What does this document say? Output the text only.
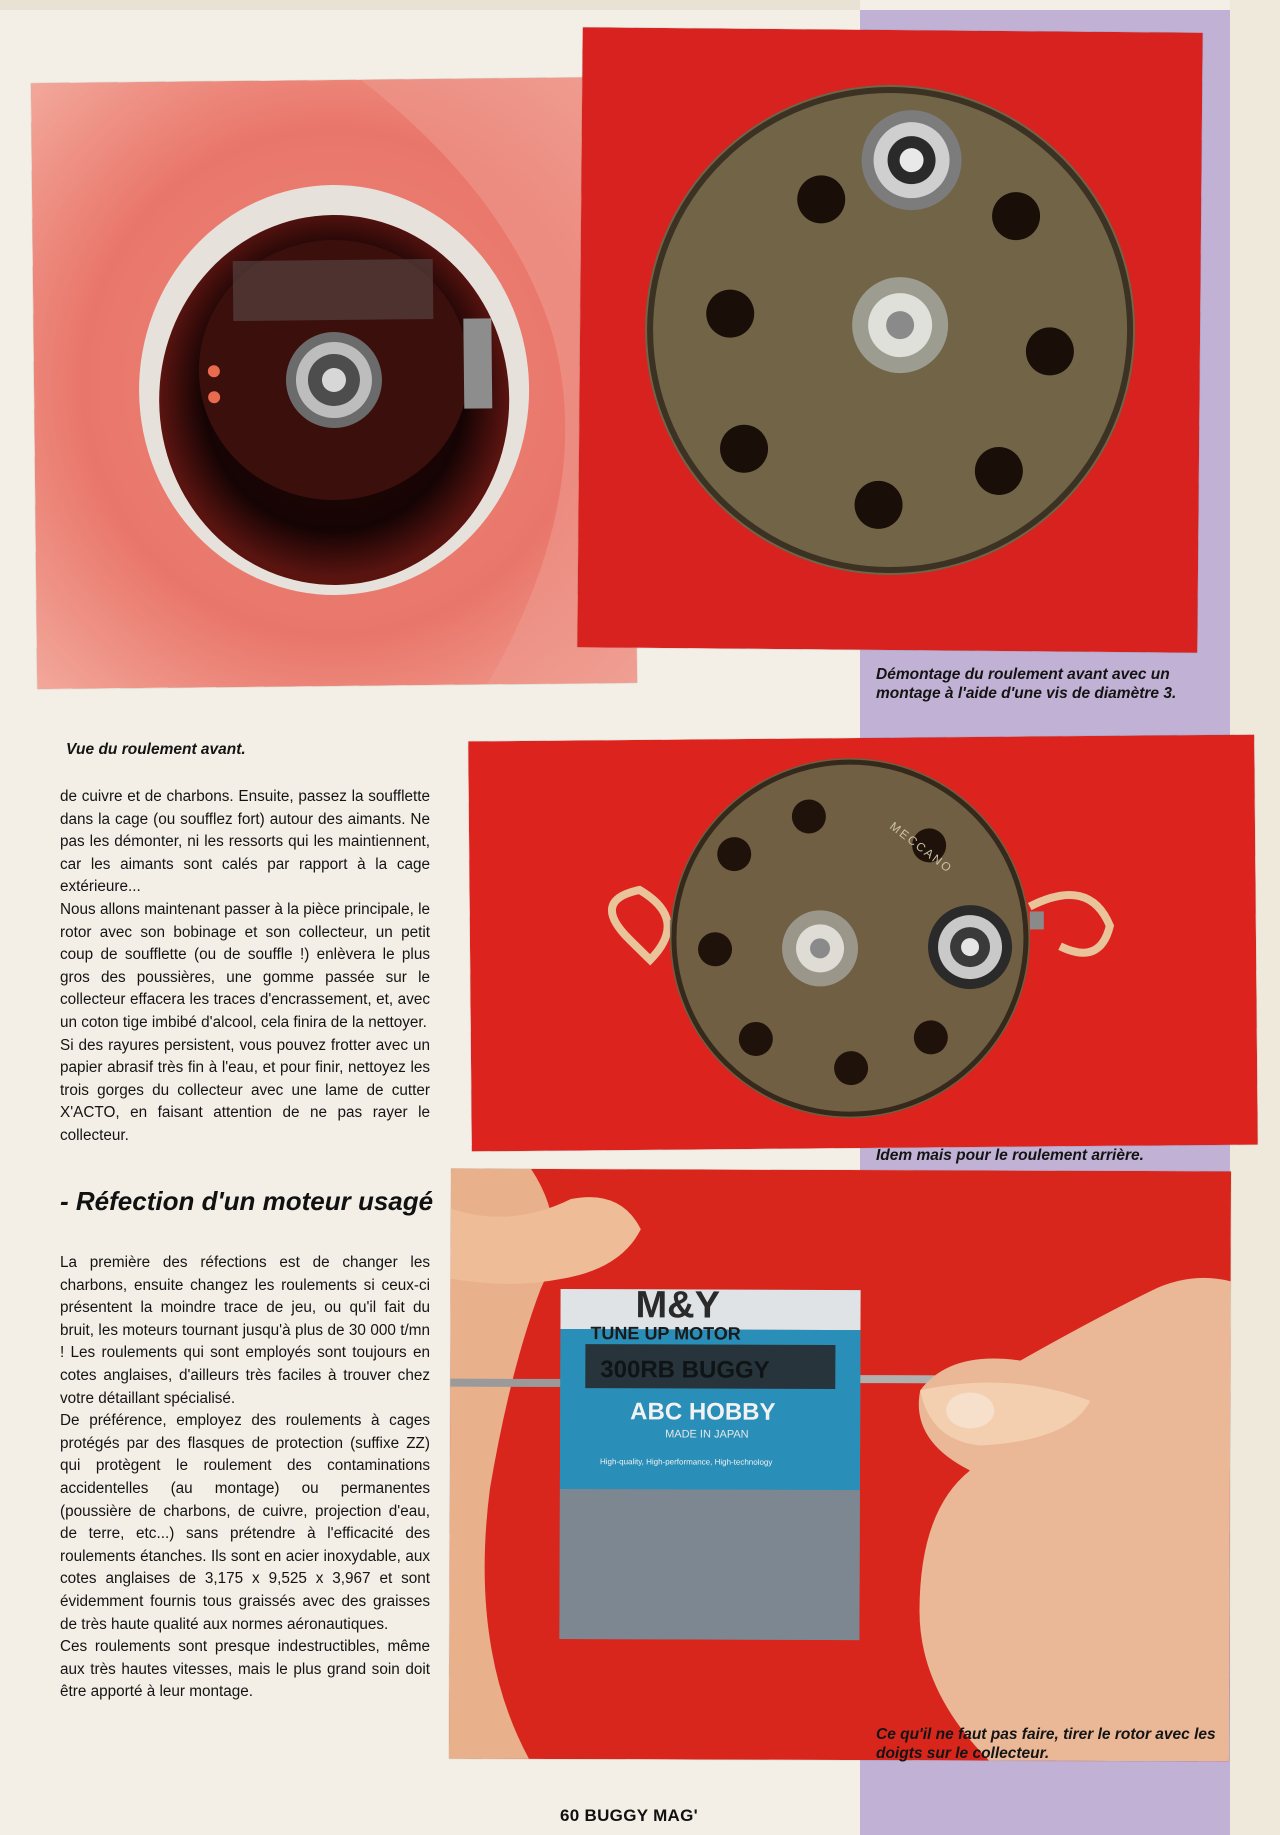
MECCANO
M&Y
TUNE UP MOTOR
300RB BUGGY
ABC HOBBY
MADE IN JAPAN
High-quality, High-performance, High-technology
Vue du roulement avant.
Démontage du roulement avant avec un montage à l'aide d'une vis de diamètre 3.
Idem mais pour le roulement arrière.
Ce qu'il ne faut pas faire, tirer le rotor avec les doigts sur le collecteur.

de cuivre et de charbons. Ensuite, passez la soufflette dans la cage (ou soufflez fort) autour des aimants. Ne pas les démonter, ni les ressorts qui les maintiennent, car les aimants sont calés par rapport à la cage extérieure...

Nous allons maintenant passer à la pièce principale, le rotor avec son bobinage et son collecteur, un petit coup de soufflette (ou de souffle !) enlèvera le plus gros des poussières, une gomme passée sur le collecteur effacera les traces d'encrassement, et, avec un coton tige imbibé d'alcool, cela finira de la nettoyer.

Si des rayures persistent, vous pouvez frotter avec un papier abrasif très fin à l'eau, et pour finir, nettoyez les trois gorges du collecteur avec une lame de cutter X'ACTO, en faisant attention de ne pas rayer le collecteur.

- Réfection d'un moteur usagé

La première des réfections est de changer les charbons, ensuite changez les roulements si ceux-ci présentent la moindre trace de jeu, ou qu'il fait du bruit, les moteurs tournant jusqu'à plus de 30 000 t/mn ! Les roulements qui sont employés sont toujours en cotes anglaises, d'ailleurs très faciles à trouver chez votre détaillant spécialisé.

De préférence, employez des roulements à cages protégés par des flasques de protection (suffixe ZZ) qui protègent le roulement des contaminations accidentelles (au montage) ou permanentes (poussière de charbons, de cuivre, projection d'eau, de terre, etc...) sans prétendre à l'efficacité des roulements étanches. Ils sont en acier inoxydable, aux cotes anglaises de 3,175 x 9,525 x 3,967 et sont évidemment fournis tous graissés avec des graisses de très haute qualité aux normes aéronautiques.

Ces roulements sont presque indestructibles, même aux très hautes vitesses, mais le plus grand soin doit être apporté à leur montage.

60 BUGGY MAG'
